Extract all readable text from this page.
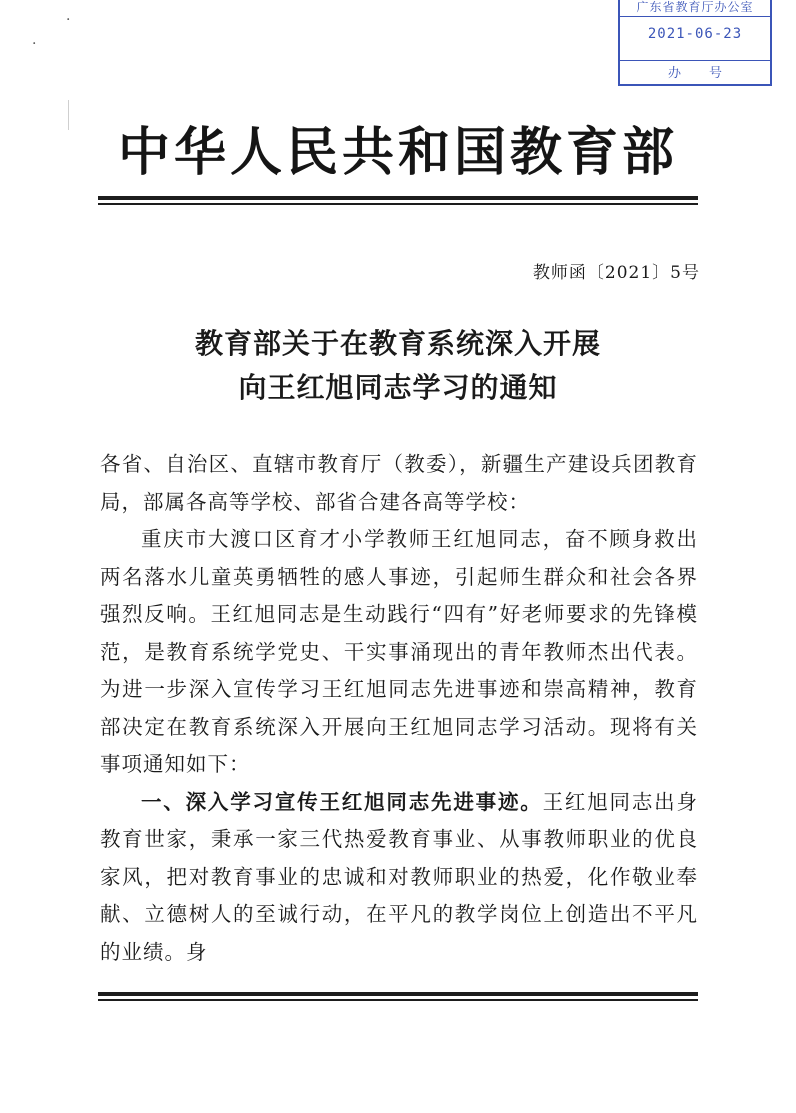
广东省教育厅办公室
2021-06-23
办号
·
·
中华人民共和国教育部
教师函〔2021〕5号
教育部关于在教育系统深入开展
向王红旭同志学习的通知

各省、自治区、直辖市教育厅（教委），新疆生产建设兵团教育局，部属各高等学校、部省合建各高等学校：

重庆市大渡口区育才小学教师王红旭同志，奋不顾身救出两名落水儿童英勇牺牲的感人事迹，引起师生群众和社会各界强烈反响。王红旭同志是生动践行“四有”好老师要求的先锋模范，是教育系统学党史、干实事涌现出的青年教师杰出代表。为进一步深入宣传学习王红旭同志先进事迹和崇高精神，教育部决定在教育系统深入开展向王红旭同志学习活动。现将有关事项通知如下：

一、深入学习宣传王红旭同志先进事迹。王红旭同志出身教育世家，秉承一家三代热爱教育事业、从事教师职业的优良家风，把对教育事业的忠诚和对教师职业的热爱，化作敬业奉献、立德树人的至诚行动，在平凡的教学岗位上创造出不平凡的业绩。身
